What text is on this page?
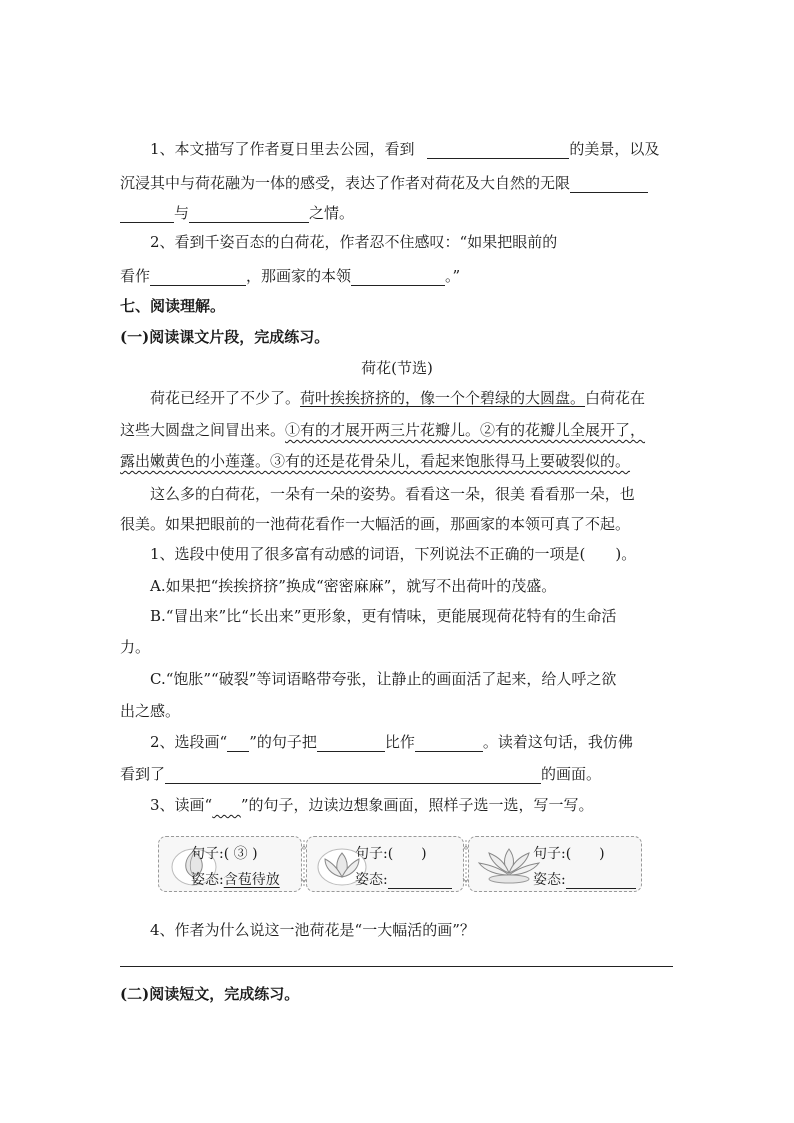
1、本文描写了作者夏日里去公园，看到	的美景，以及
沉浸其中与荷花融为一体的感受，表达了作者对荷花及大自然的无限
与	之情。
2、看到千姿百态的白荷花，作者忍不住感叹：“如果把眼前的
看作	，那画家的本领	。”
七、阅读理解。
(一)阅读课文片段，完成练习。
荷花(节选)
荷花已经开了不少了。荷叶挨挨挤挤的，像一个个碧绿的大圆盘。白荷花在
这些大圆盘之间冒出来。①有的才展开两三片花瓣儿。②有的花瓣儿全展开了，
露出嫩黄色的小莲蓬。③有的还是花骨朵儿，看起来饱胀得马上要破裂似的。
这么多的白荷花，一朵有一朵的姿势。看看这一朵，很美 看看那一朵，也
很美。如果把眼前的一池荷花看作一大幅活的画，那画家的本领可真了不起。
1、选段中使用了很多富有动感的词语，下列说法不正确的一项是(　　)。
A.如果把“挨挨挤挤”换成“密密麻麻”，就写不出荷叶的茂盛。
B.“冒出来”比“长出来”更形象，更有情味，更能展现荷花特有的生命活
力。
C.“饱胀”“破裂”等词语略带夸张，让静止的画面活了起来，给人呼之欲
出之感。
2、选段画“ ”的句子把	比作	。读着这句话，我仿佛
看到了	的画面。
3、读画“ ”的句子，边读边想象画面，照样子选一选，写一写。
句子:( ③ )
姿态:含苞待放
句子:(　　)
姿态:
句子:(　　)
姿态:
4、作者为什么说这一池荷花是“一大幅活的画”？
(二)阅读短文，完成练习。
